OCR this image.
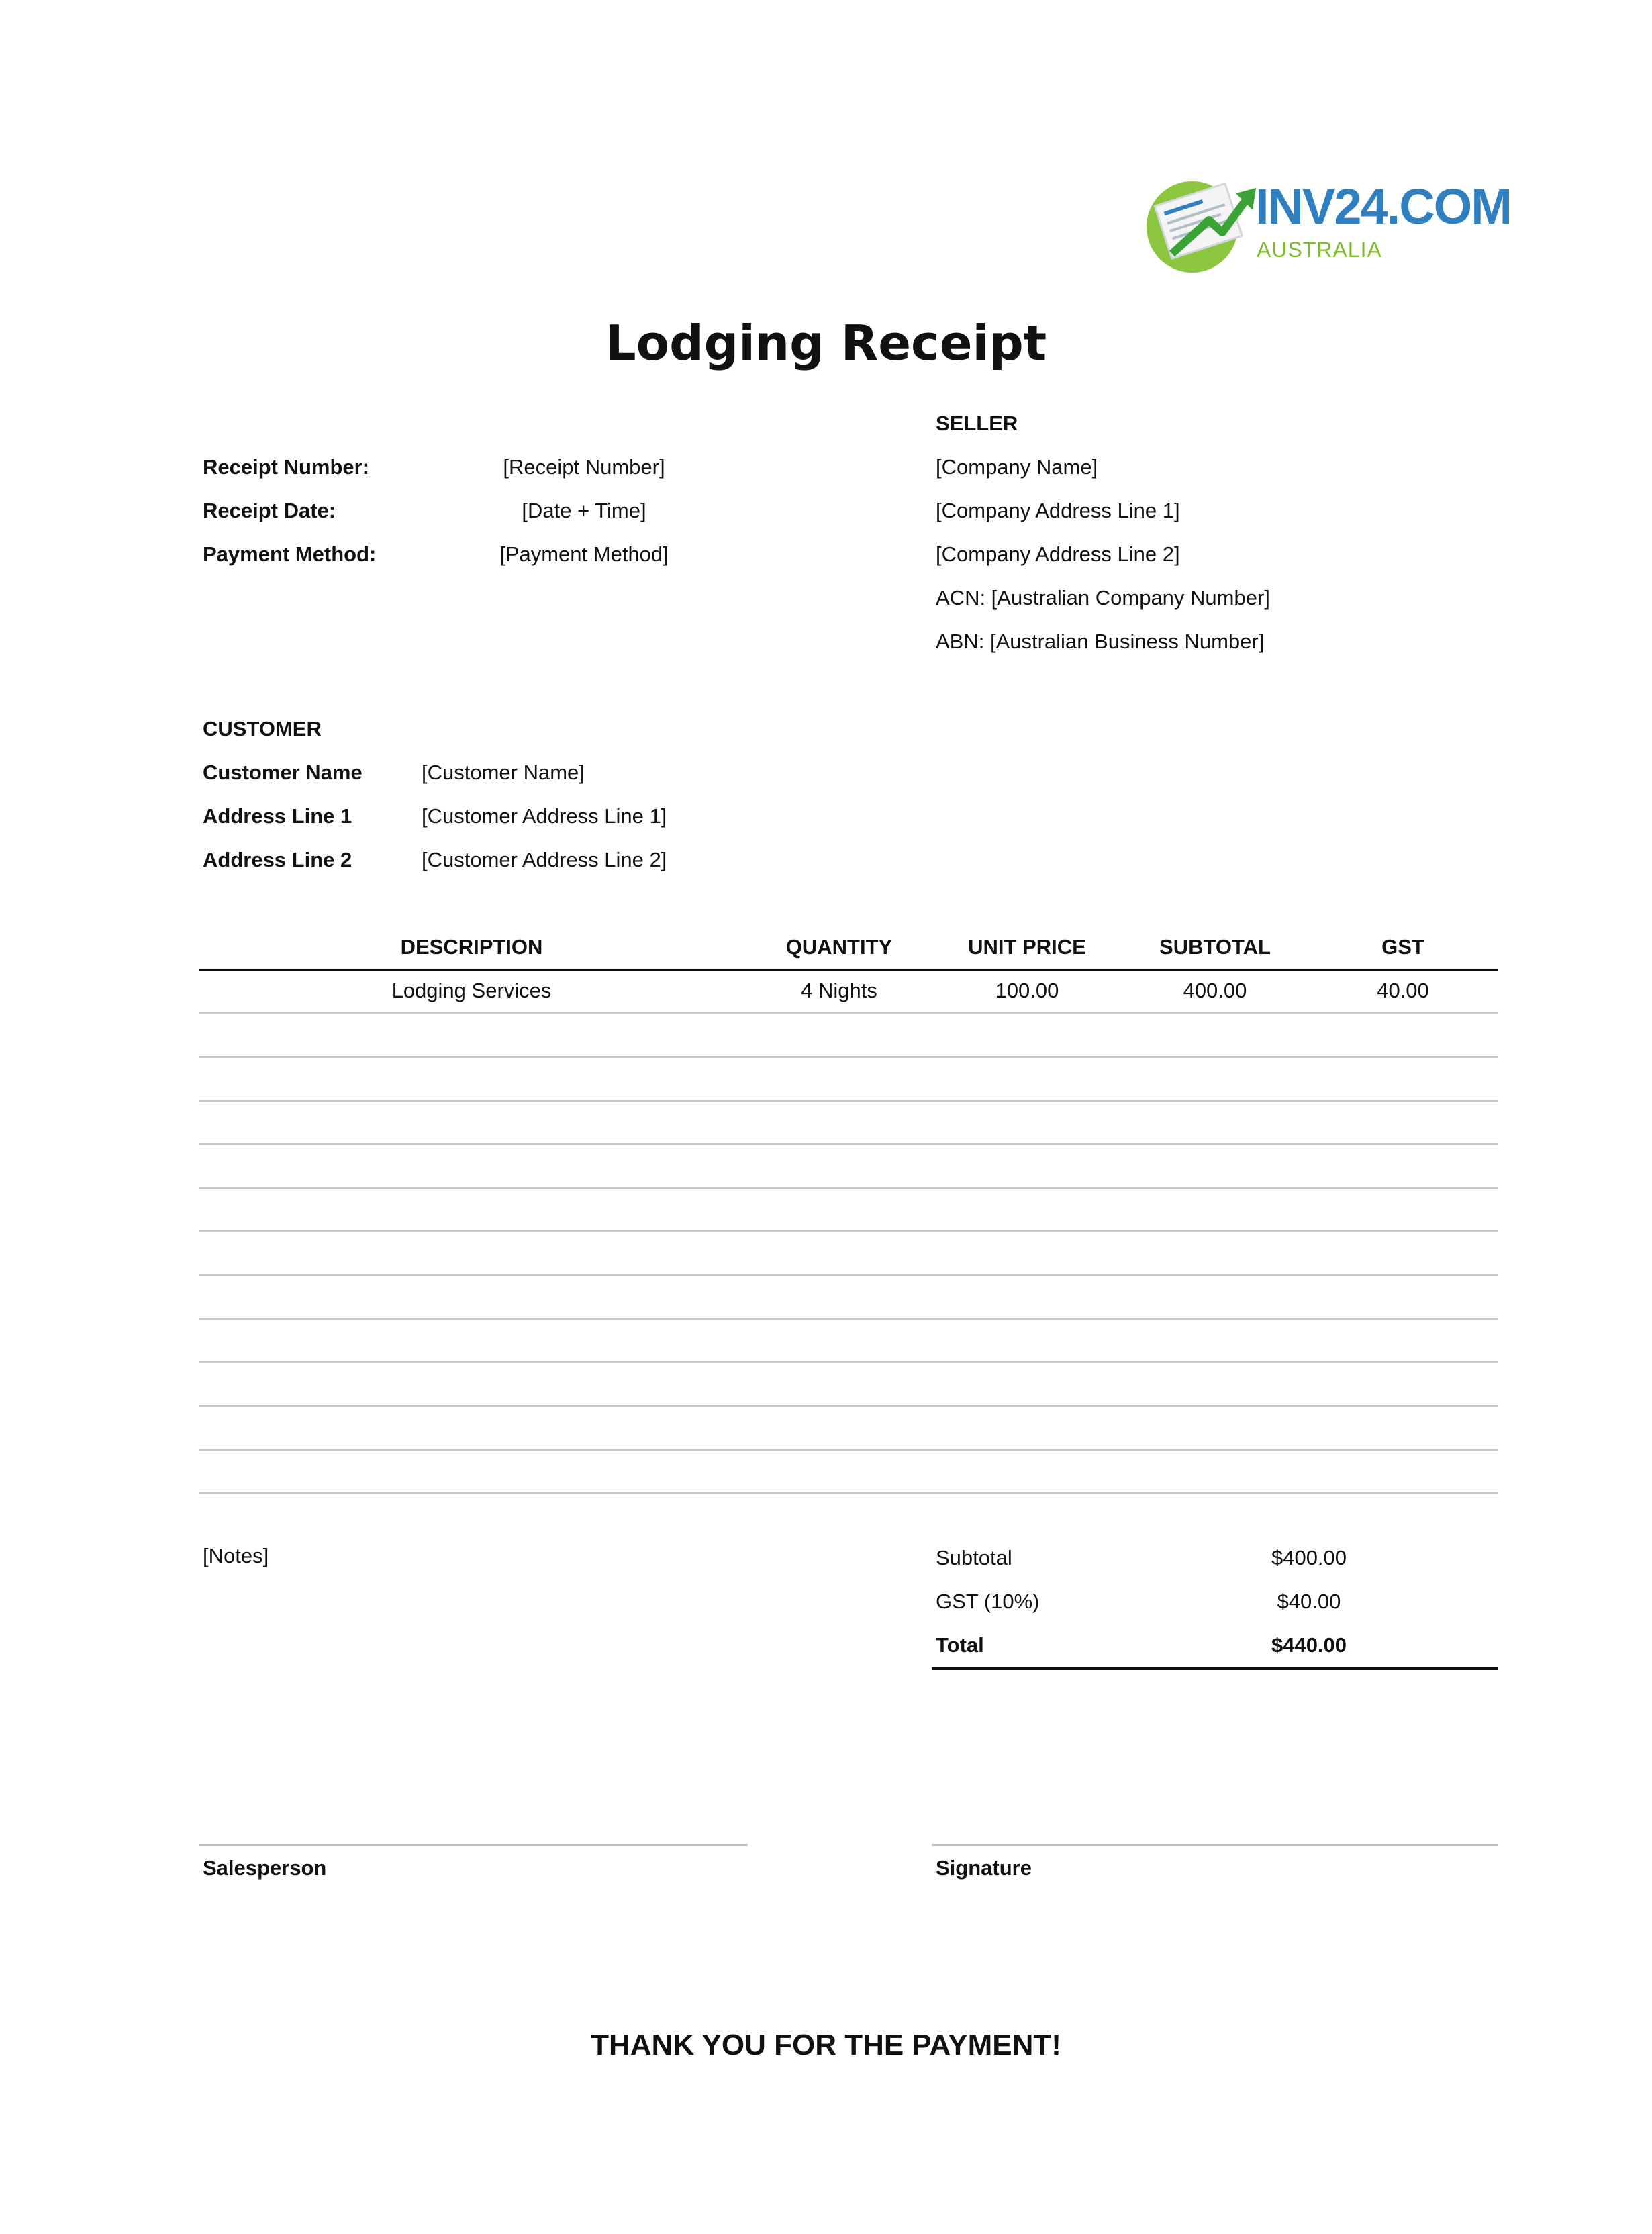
INV24.COM
AUSTRALIA
Lodging Receipt
Receipt Number:	[Receipt Number]
Receipt Date:	[Date + Time]
Payment Method:	[Payment Method]
SELLER
[Company Name]
[Company Address Line 1]
[Company Address Line 2]
ACN: [Australian Company Number]
ABN: [Australian Business Number]
CUSTOMER
Customer Name	[Customer Name]
Address Line 1	[Customer Address Line 1]
Address Line 2	[Customer Address Line 2]
DESCRIPTION	QUANTITY	UNIT PRICE	SUBTOTAL	GST
Lodging Services	4 Nights	100.00	400.00	40.00
[Notes]	Subtotal	$400.00
GST (10%)	$40.00
Total	$440.00
Salesperson	Signature
THANK YOU FOR THE PAYMENT!
